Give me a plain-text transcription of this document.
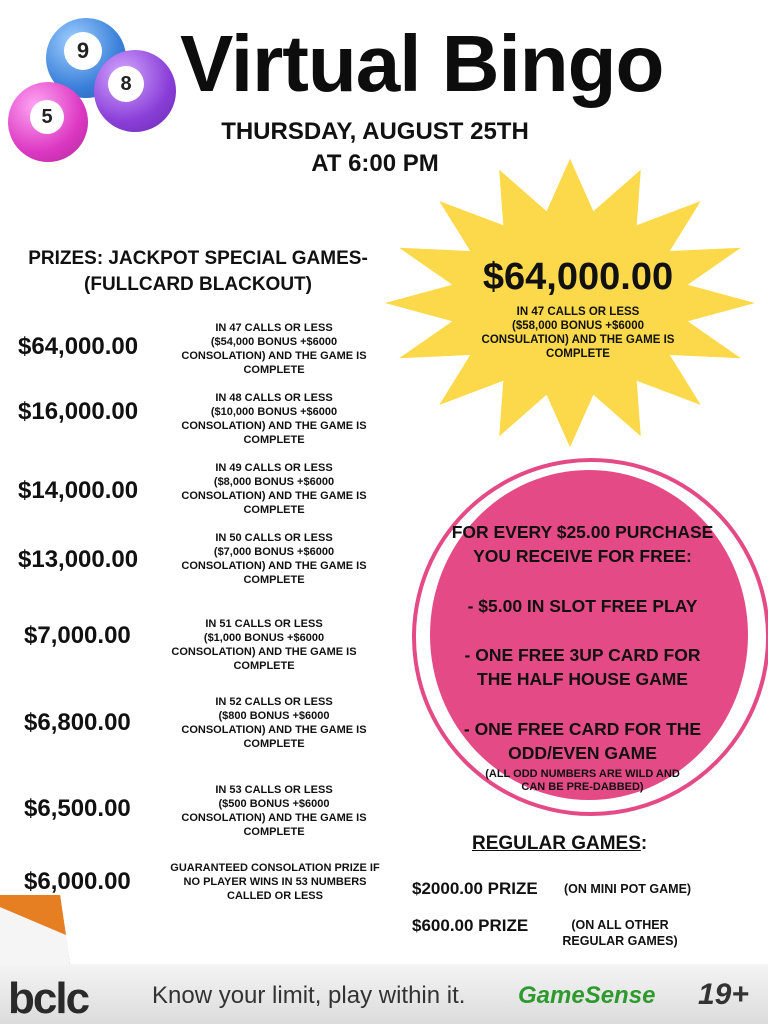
9
8
5
Virtual Bingo
THURSDAY, AUGUST 25TH
AT 6:00 PM
PRIZES: JACKPOT SPECIAL GAMES-
(FULLCARD BLACKOUT)
$64,000.00
IN 47 CALLS OR LESS
($54,000 BONUS +$6000
CONSOLATION) AND THE GAME IS
COMPLETE
$16,000.00	IN 48 CALLS OR LESS
($10,000 BONUS +$6000
CONSOLATION) AND THE GAME IS
COMPLETE
$14,000.00
IN 49 CALLS OR LESS
($8,000 BONUS +$6000
CONSOLATION) AND THE GAME IS
COMPLETE
$13,000.00
IN 50 CALLS OR LESS
($7,000 BONUS +$6000
CONSOLATION) AND THE GAME IS
COMPLETE
$7,000.00	IN 51 CALLS OR LESS
($1,000 BONUS +$6000
CONSOLATION) AND THE GAME IS
COMPLETE
$6,800.00
IN 52 CALLS OR LESS
($800 BONUS +$6000
CONSOLATION) AND THE GAME IS
COMPLETE
$6,500.00
IN 53 CALLS OR LESS
($500 BONUS +$6000
CONSOLATION) AND THE GAME IS
COMPLETE
$6,000.00	GUARANTEED CONSOLATION PRIZE IF
NO PLAYER WINS IN 53 NUMBERS
CALLED OR LESS
$64,000.00
IN 47 CALLS OR LESS
($58,000 BONUS +$6000
CONSULATION) AND THE GAME IS
COMPLETE
FOR EVERY $25.00 PURCHASE
YOU RECEIVE FOR FREE:
- $5.00 IN SLOT FREE PLAY
- ONE FREE 3UP CARD FOR
THE HALF HOUSE GAME
- ONE FREE CARD FOR THE
ODD/EVEN GAME
(ALL ODD NUMBERS ARE WILD AND
CAN BE PRE-DABBED)
REGULAR GAMES:
$2000.00 PRIZE (ON MINI POT GAME)
$600.00 PRIZE	(ON ALL OTHER
REGULAR GAMES)
bclc	Know your limit, play within it. GameSense 19+
